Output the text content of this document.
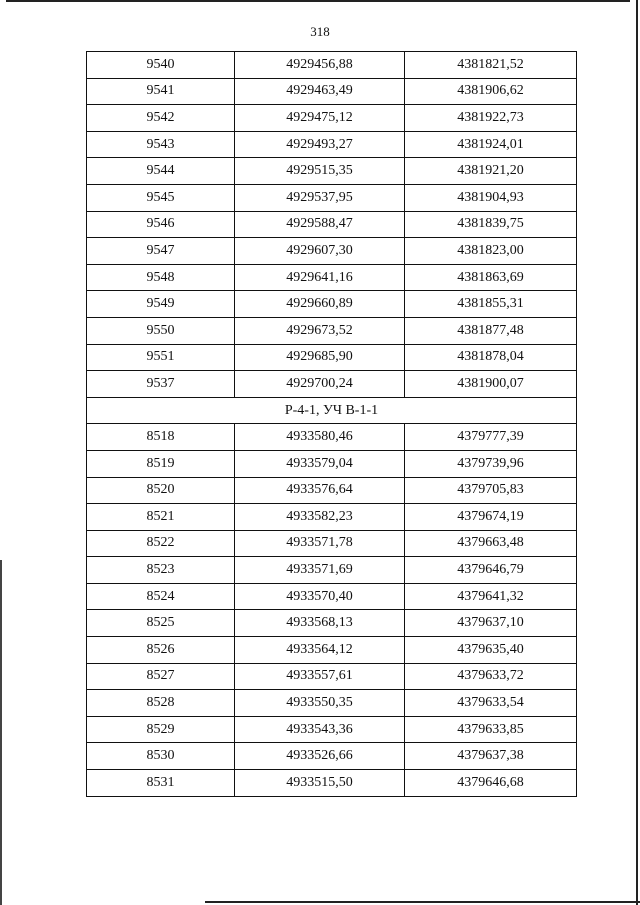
318
9540	4929456,88	4381821,52
9541	4929463,49	4381906,62
9542	4929475,12	4381922,73
9543	4929493,27	4381924,01
9544	4929515,35	4381921,20
9545	4929537,95	4381904,93
9546	4929588,47	4381839,75
9547	4929607,30	4381823,00
9548	4929641,16	4381863,69
9549	4929660,89	4381855,31
9550	4929673,52	4381877,48
9551	4929685,90	4381878,04
9537	4929700,24	4381900,07
Р-4-1, УЧ В-1-1		
8518	4933580,46	4379777,39
8519	4933579,04	4379739,96
8520	4933576,64	4379705,83
8521	4933582,23	4379674,19
8522	4933571,78	4379663,48
8523	4933571,69	4379646,79
8524	4933570,40	4379641,32
8525	4933568,13	4379637,10
8526	4933564,12	4379635,40
8527	4933557,61	4379633,72
8528	4933550,35	4379633,54
8529	4933543,36	4379633,85
8530	4933526,66	4379637,38
8531	4933515,50	4379646,68
